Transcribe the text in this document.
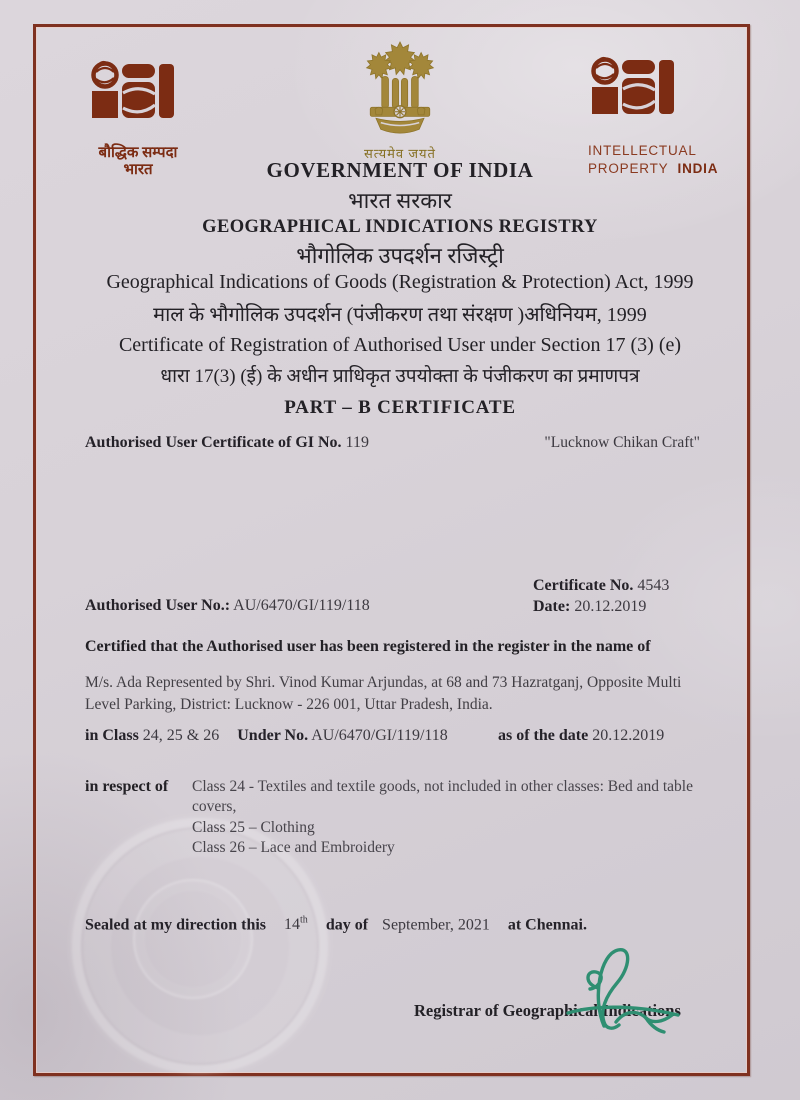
बौद्धिक सम्पदा
भारत
सत्यमेव जयते	INTELLECTUAL
PROPERTY INDIA
GOVERNMENT OF INDIA
भारत सरकार
GEOGRAPHICAL INDICATIONS REGISTRY
भौगोलिक उपदर्शन रजिस्ट्री
Geographical Indications of Goods (Registration & Protection) Act, 1999
माल के भौगोलिक उपदर्शन (पंजीकरण तथा संरक्षण )अधिनियम, 1999
Certificate of Registration of Authorised User under Section 17 (3) (e)
धारा 17(3) (ई) के अधीन प्राधिकृत उपयोक्ता के पंजीकरण का प्रमाणपत्र
PART – B CERTIFICATE
Authorised User Certificate of GI No. 119	"Lucknow Chikan Craft"
Certificate No. 4543
Date: 20.12.2019
Authorised User No.: AU/6470/GI/119/118
Certified that the Authorised user has been registered in the register in the name of
M/s. Ada Represented by Shri. Vinod Kumar Arjundas, at 68 and 73 Hazratganj, Opposite Multi
Level Parking, District: Lucknow - 226 001, Uttar Pradesh, India.
in Class 24, 25 & 26 Under No. AU/6470/GI/119/118	as of the date 20.12.2019
in respect of Class 24 - Textiles and textile goods, not included in other classes: Bed and table
covers,
Class 25 – Clothing
Class 26 – Lace and Embroidery
Sealed at my direction this 14th day of September, 2021 at Chennai.
Registrar of Geographical Indications
